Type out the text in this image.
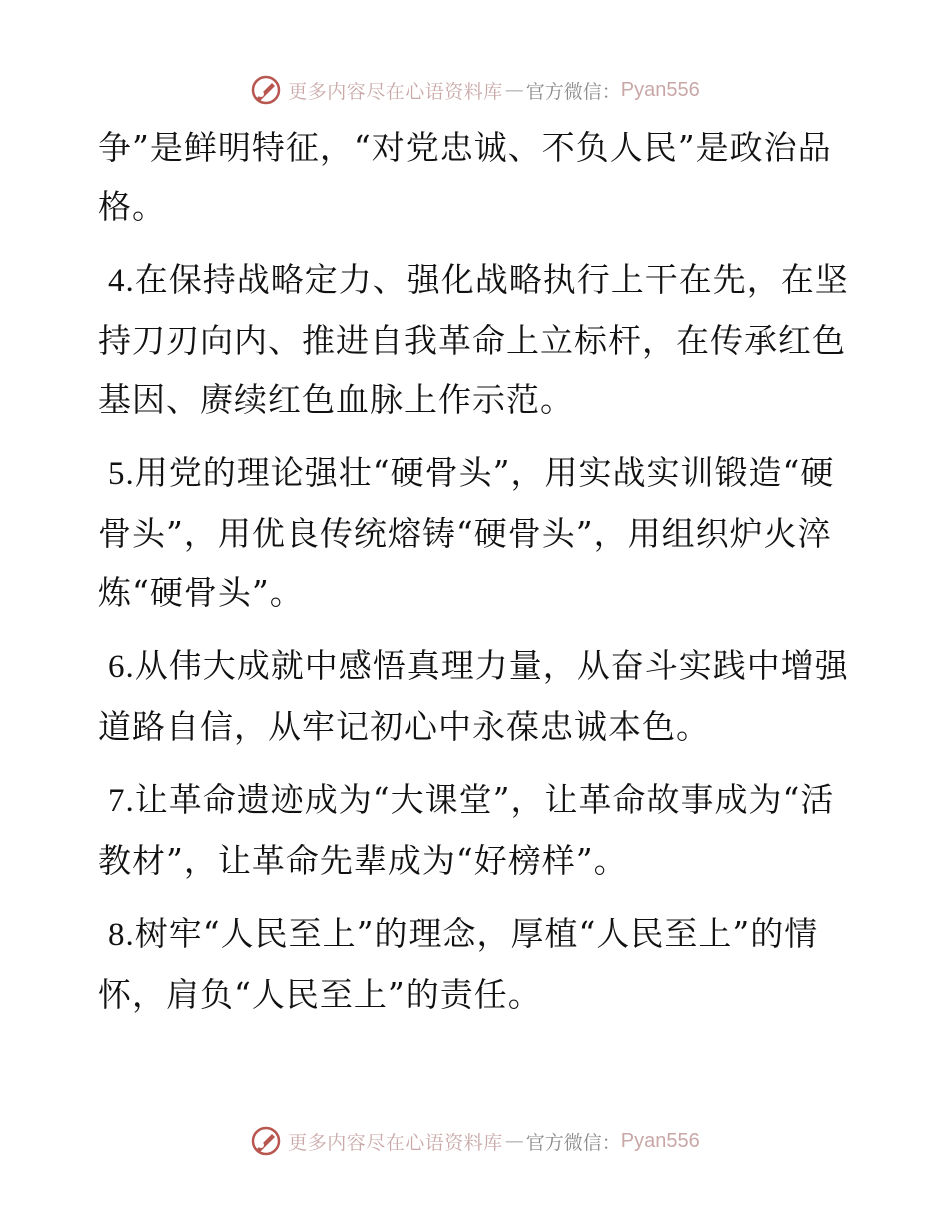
更多内容尽在心语资料库 — 官方微信： Pyan556

争”是鲜明特征，“对党忠诚、不负人民”是政治品格。

4.在保持战略定力、强化战略执行上干在先，在坚持刀刃向内、推进自我革命上立标杆，在传承红色基因、赓续红色血脉上作示范。

5.用党的理论强壮“硬骨头”，用实战实训锻造“硬骨头”，用优良传统熔铸“硬骨头”，用组织炉火淬炼“硬骨头”。

6.从伟大成就中感悟真理力量，从奋斗实践中增强道路自信，从牢记初心中永葆忠诚本色。

7.让革命遗迹成为“大课堂”，让革命故事成为“活教材”，让革命先辈成为“好榜样”。

8.树牢“人民至上”的理念，厚植“人民至上”的情怀，肩负“人民至上”的责任。

更多内容尽在心语资料库 — 官方微信： Pyan556
